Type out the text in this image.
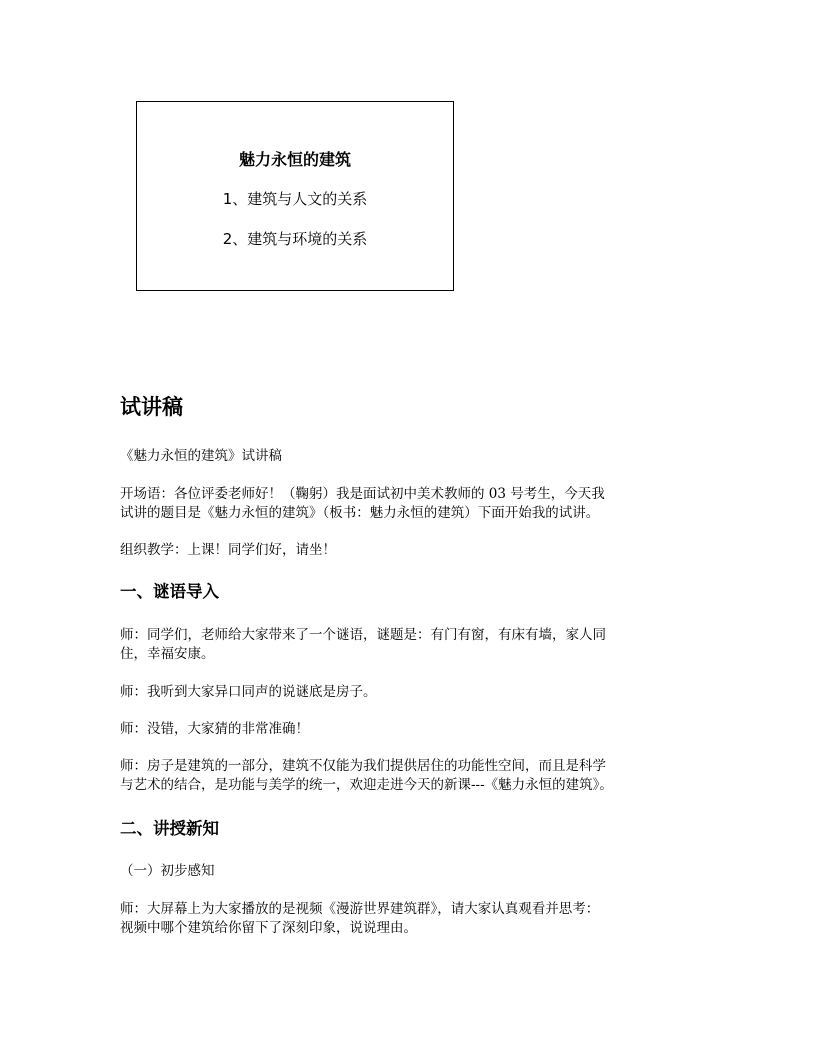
魅力永恒的建筑
1、建筑与人文的关系
2、建筑与环境的关系
试讲稿

《魅力永恒的建筑》试讲稿

开场语：各位评委老师好！（鞠躬）我是面试初中美术教师的 03 号考生，今天我
试讲的题目是《魅力永恒的建筑》（板书：魅力永恒的建筑）下面开始我的试讲。

组织教学：上课！同学们好，请坐！

一、谜语导入

师：同学们，老师给大家带来了一个谜语，谜题是：有门有窗，有床有墙，家人同
住，幸福安康。

师：我听到大家异口同声的说谜底是房子。

师：没错，大家猜的非常准确！

师：房子是建筑的一部分，建筑不仅能为我们提供居住的功能性空间，而且是科学
与艺术的结合，是功能与美学的统一，欢迎走进今天的新课---《魅力永恒的建筑》。

二、讲授新知

（一）初步感知

师：大屏幕上为大家播放的是视频《漫游世界建筑群》，请大家认真观看并思考：
视频中哪个建筑给你留下了深刻印象，说说理由。
